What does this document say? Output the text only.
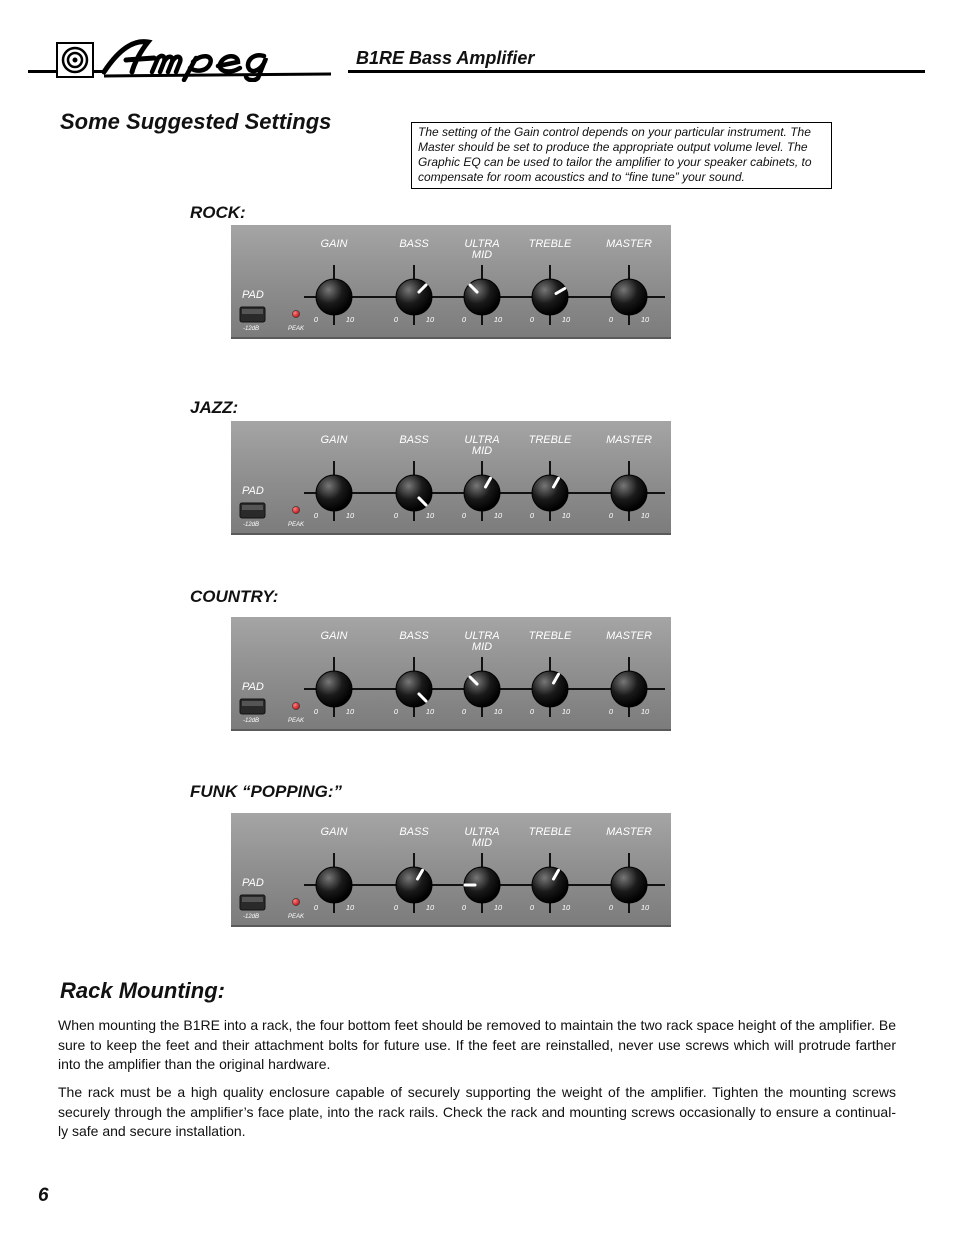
B1RE Bass Amplifier
Some Suggested Settings	The setting of the Gain control depends on your particular instrument. The Master should be set to produce the appropriate output volume level. The Graphic EQ can be used to tailor the amplifier to your speaker cabinets, to compensate for room acoustics and to “fine tune” your sound.
ROCK:
PAD
-12dB	PEAK
GAIN
0	10
BASS
0	10
ULTRA
MID
0	10
TREBLE
0	10
MASTER
0	10
JAZZ:
PAD
-12dB	PEAK
GAIN
0	10
BASS
0	10
ULTRA
MID
0	10
TREBLE
0	10
MASTER
0	10
COUNTRY:
PAD
-12dB	PEAK
GAIN
0	10
BASS
0	10
ULTRA
MID
0	10
TREBLE
0	10
MASTER
0	10
FUNK “POPPING:”
PAD
-12dB	PEAK
GAIN
0	10
BASS
0	10
ULTRA
MID
0	10
TREBLE
0	10
MASTER
0	10
Rack Mounting:
When mounting the B1RE into a rack, the four bottom feet should be removed to maintain the two rack space height of the amplifier. Be sure to keep the feet and their attachment bolts for future use. If the feet are reinstalled, never use screws which will protrude farther into the amplifier than the original hardware.
The rack must be a high quality enclosure capable of securely supporting the weight of the amplifier. Tighten the mounting screws securely through the amplifier’s face plate, into the rack rails. Check the rack and mounting screws occasionally to ensure a continual-ly safe and secure installation.
6
